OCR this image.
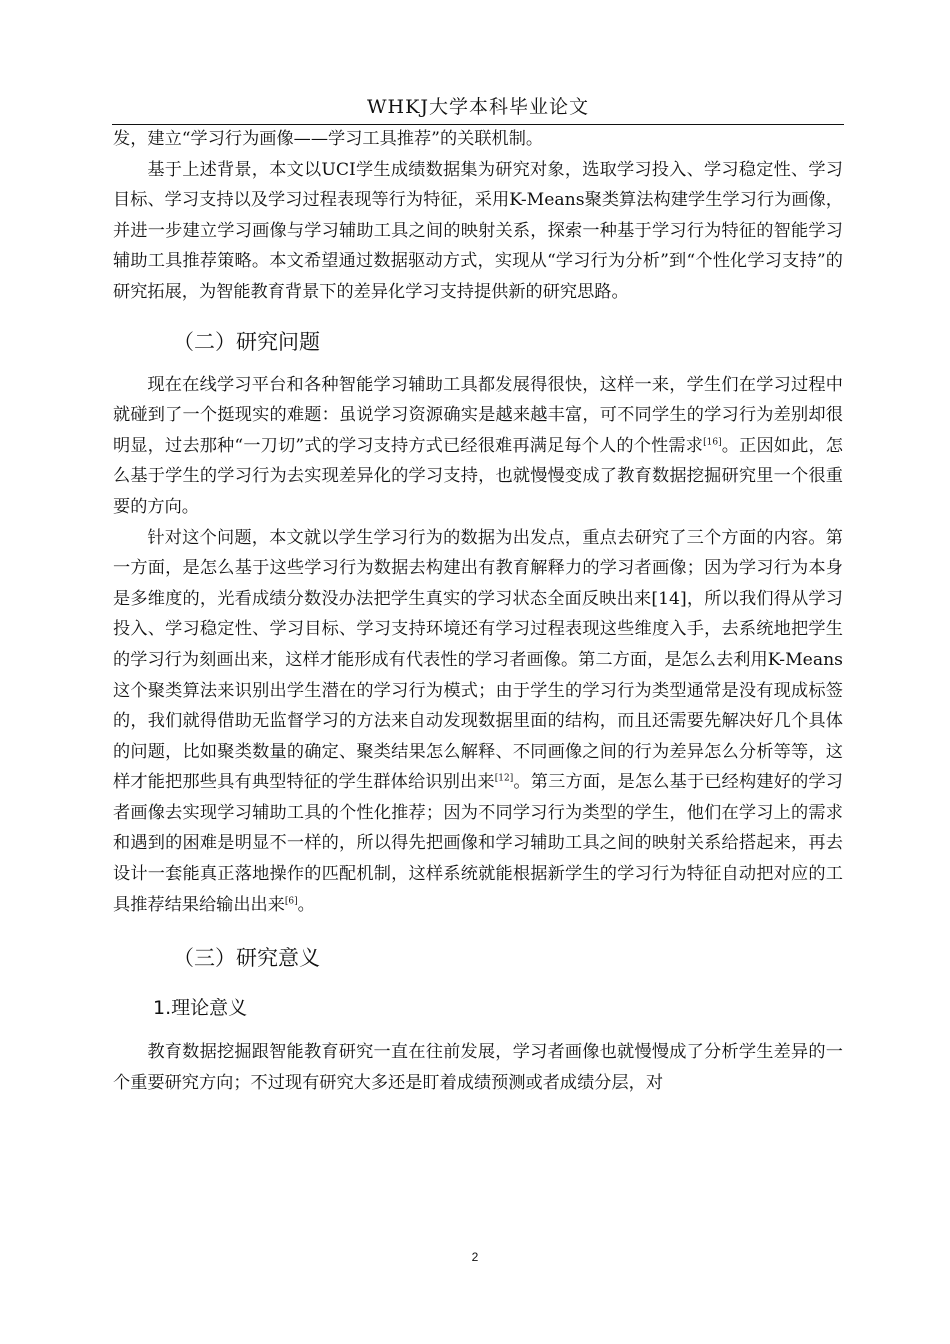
WHKJ大学本科毕业论文

发，建立“学习行为画像——学习工具推荐”的关联机制。

基于上述背景，本文以UCI学生成绩数据集为研究对象，选取学习投入、学习稳定性、学习目标、学习支持以及学习过程表现等行为特征，采用K-Means聚类算法构建学生学习行为画像，并进一步建立学习画像与学习辅助工具之间的映射关系，探索一种基于学习行为特征的智能学习辅助工具推荐策略。本文希望通过数据驱动方式，实现从“学习行为分析”到“个性化学习支持”的研究拓展，为智能教育背景下的差异化学习支持提供新的研究思路。

（二）研究问题

现在在线学习平台和各种智能学习辅助工具都发展得很快，这样一来，学生们在学习过程中就碰到了一个挺现实的难题：虽说学习资源确实是越来越丰富，可不同学生的学习行为差别却很明显，过去那种“一刀切”式的学习支持方式已经很难再满足每个人的个性需求[16]。正因如此，怎么基于学生的学习行为去实现差异化的学习支持，也就慢慢变成了教育数据挖掘研究里一个很重要的方向。

针对这个问题，本文就以学生学习行为的数据为出发点，重点去研究了三个方面的内容。第一方面，是怎么基于这些学习行为数据去构建出有教育解释力的学习者画像；因为学习行为本身是多维度的，光看成绩分数没办法把学生真实的学习状态全面反映出来[14]，所以我们得从学习投入、学习稳定性、学习目标、学习支持环境还有学习过程表现这些维度入手，去系统地把学生的学习行为刻画出来，这样才能形成有代表性的学习者画像。第二方面，是怎么去利用K-Means这个聚类算法来识别出学生潜在的学习行为模式；由于学生的学习行为类型通常是没有现成标签的，我们就得借助无监督学习的方法来自动发现数据里面的结构，而且还需要先解决好几个具体的问题，比如聚类数量的确定、聚类结果怎么解释、不同画像之间的行为差异怎么分析等等，这样才能把那些具有典型特征的学生群体给识别出来[12]。第三方面，是怎么基于已经构建好的学习者画像去实现学习辅助工具的个性化推荐；因为不同学习行为类型的学生，他们在学习上的需求和遇到的困难是明显不一样的，所以得先把画像和学习辅助工具之间的映射关系给搭起来，再去设计一套能真正落地操作的匹配机制，这样系统就能根据新学生的学习行为特征自动把对应的工具推荐结果给输出出来[6]。

（三）研究意义
1.理论意义

教育数据挖掘跟智能教育研究一直在往前发展，学习者画像也就慢慢成了分析学生差异的一个重要研究方向；不过现有研究大多还是盯着成绩预测或者成绩分层，对

2
